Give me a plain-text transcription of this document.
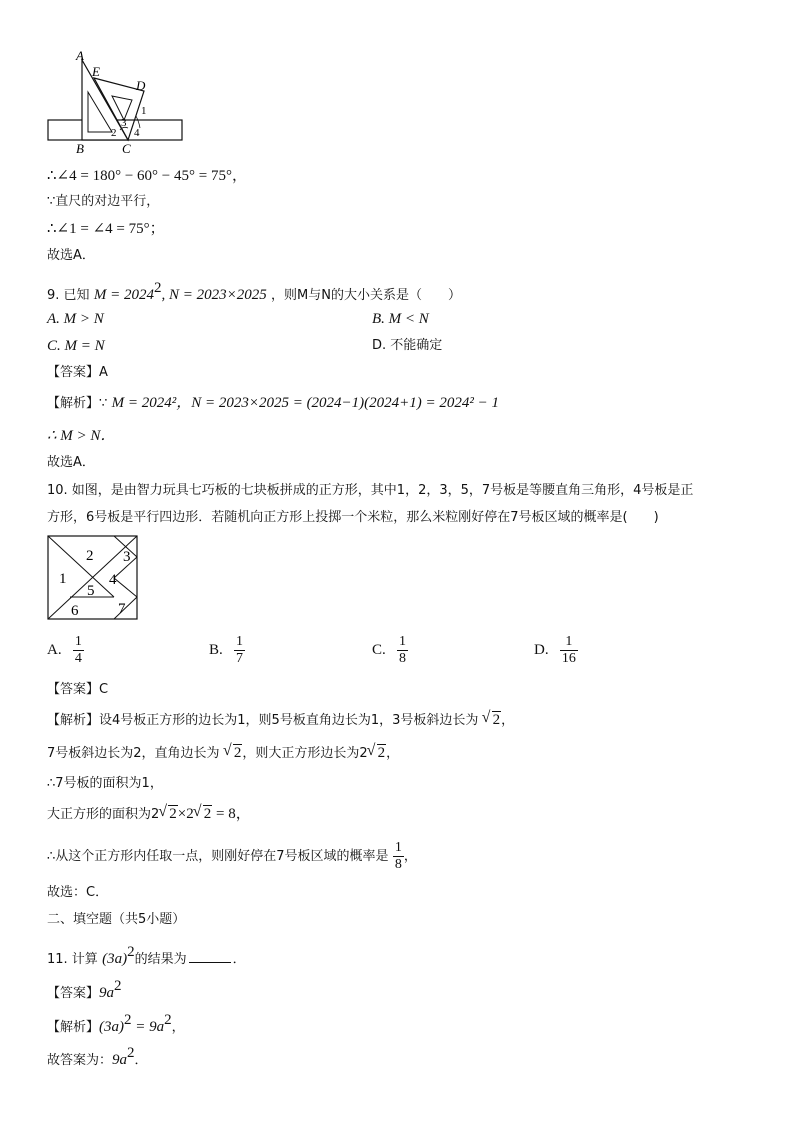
A
E
D
B	C
1
2
3
4
∴∠4 = 180° − 60° − 45° = 75°，
∵直尺的对边平行，
∴∠1 = ∠4 = 75°；
故选A．
9. 已知 $M = 2024^2$, N = 2023×2025 ，则M与N的大小关系是（　　）
A. M > N	B. M < N
C. M = N	D. 不能确定
【答案】A
【解析】∵ M = 2024²，N = 2023×2025 = (2024−1)(2024+1) = 2024² − 1
∴ M > N．
故选A．
10. 如图，是由智力玩具七巧板的七块板拼成的正方形，其中1，2，3，5，7号板是等腰直角三角形，4号板是正
方形，6号板是平行四边形．若随机向正方形上投掷一个米粒，那么米粒刚好停在7号板区域的概率是(　　)
1
2 3
4
5
6	7
A. $\frac{1}{4}$	B. $\frac{1}{7}$	C. $\frac{1}{8}$	D. $\frac{1}{16}$
【答案】C
【解析】设4号板正方形的边长为1，则5号板直角边长为1，3号板斜边长为 √ 2，
7号板斜边长为2，直角边长为 √ 2，则大正方形边长为2 √ 2，
∴7号板的面积为1，
大正方形的面积为2 √ 2×2 √ 2 = 8，
∴从这个正方形内任取一点，则刚好停在7号板区域的概率是 $\frac{1}{8}$ ，
故选：C．
二、填空题（共5小题）
11. 计算 $(3a)^2$的结果为	．
【答案】$9a^2$
【解析】$(3a)^2 = 9a^2$，
故答案为：$9a^2$．
